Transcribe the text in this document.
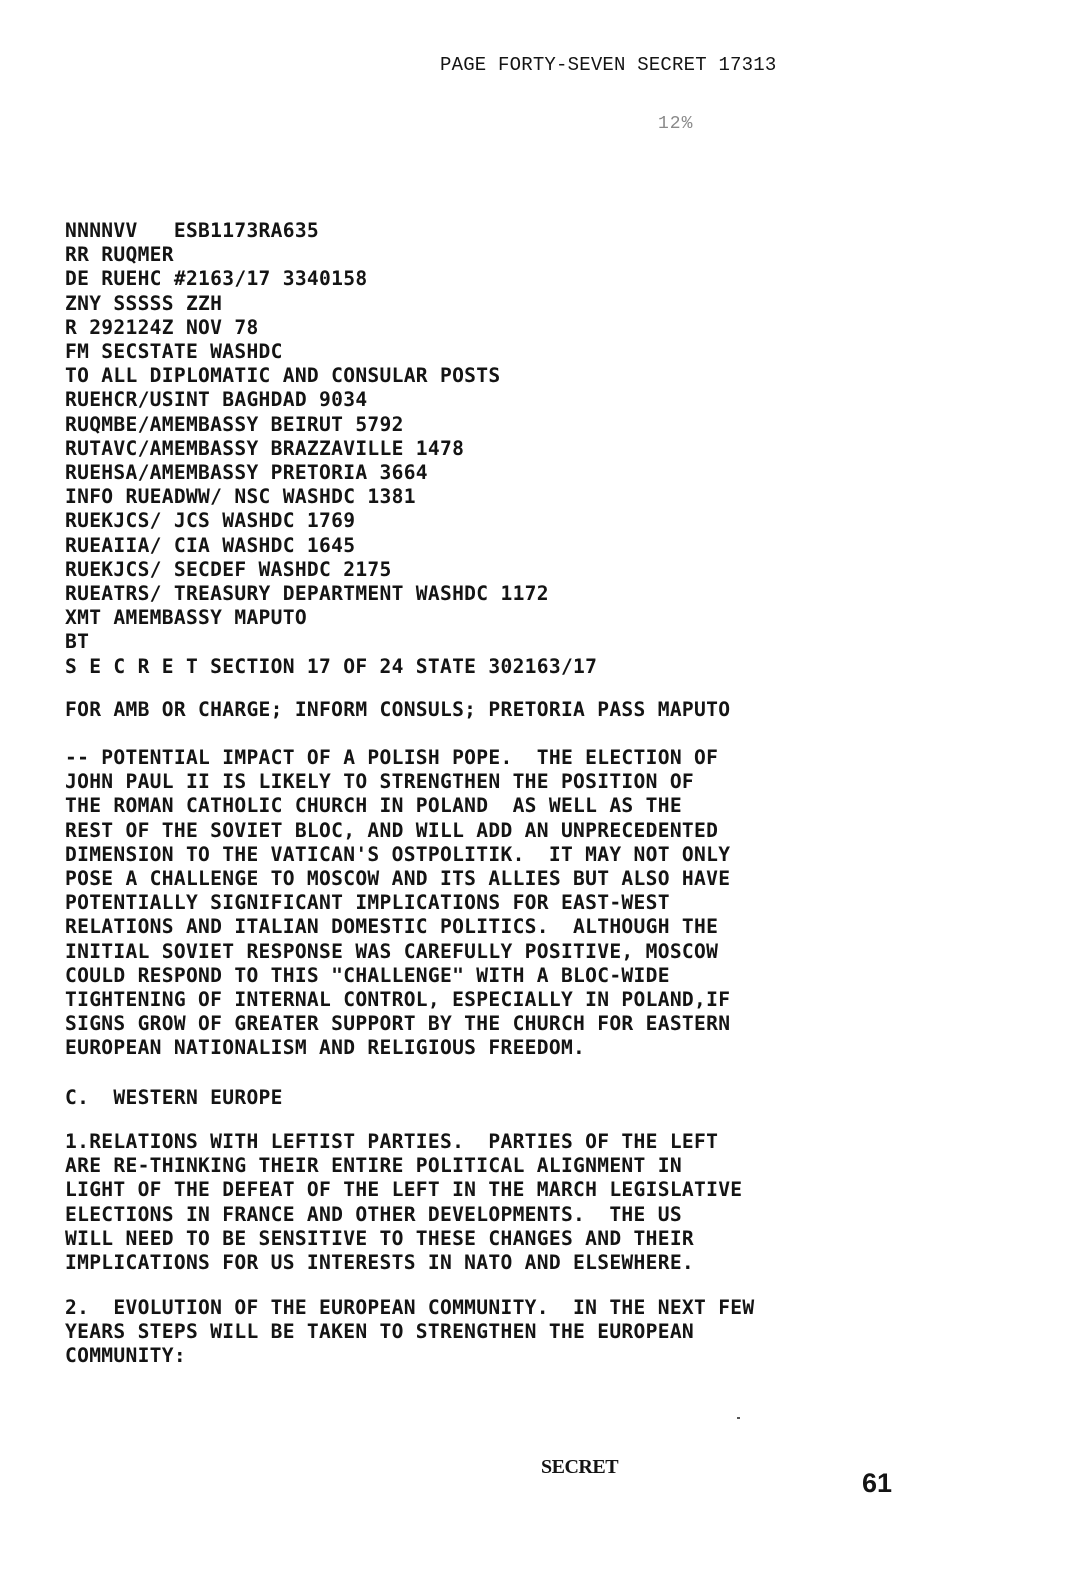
PAGE FORTY-SEVEN SECRET 17313
12%
NNNNVV   ESB1173RA635
RR RUQMER
DE RUEHC #2163/17 3340158
ZNY SSSSS ZZH
R 292124Z NOV 78
FM SECSTATE WASHDC
TO ALL DIPLOMATIC AND CONSULAR POSTS
RUEHCR/USINT BAGHDAD 9034
RUQMBE/AMEMBASSY BEIRUT 5792
RUTAVC/AMEMBASSY BRAZZAVILLE 1478
RUEHSA/AMEMBASSY PRETORIA 3664
INFO RUEADWW/ NSC WASHDC 1381
RUEKJCS/ JCS WASHDC 1769
RUEAIIA/ CIA WASHDC 1645
RUEKJCS/ SECDEF WASHDC 2175
RUEATRS/ TREASURY DEPARTMENT WASHDC 1172
XMT AMEMBASSY MAPUTO
BT
S E C R E T SECTION 17 OF 24 STATE 302163/17
FOR AMB OR CHARGE; INFORM CONSULS; PRETORIA PASS MAPUTO
-- POTENTIAL IMPACT OF A POLISH POPE.  THE ELECTION OF
JOHN PAUL II IS LIKELY TO STRENGTHEN THE POSITION OF
THE ROMAN CATHOLIC CHURCH IN POLAND  AS WELL AS THE
REST OF THE SOVIET BLOC, AND WILL ADD AN UNPRECEDENTED
DIMENSION TO THE VATICAN'S OSTPOLITIK.  IT MAY NOT ONLY
POSE A CHALLENGE TO MOSCOW AND ITS ALLIES BUT ALSO HAVE
POTENTIALLY SIGNIFICANT IMPLICATIONS FOR EAST-WEST
RELATIONS AND ITALIAN DOMESTIC POLITICS.  ALTHOUGH THE
INITIAL SOVIET RESPONSE WAS CAREFULLY POSITIVE, MOSCOW
COULD RESPOND TO THIS "CHALLENGE" WITH A BLOC-WIDE
TIGHTENING OF INTERNAL CONTROL, ESPECIALLY IN POLAND,IF
SIGNS GROW OF GREATER SUPPORT BY THE CHURCH FOR EASTERN
EUROPEAN NATIONALISM AND RELIGIOUS FREEDOM.
C.  WESTERN EUROPE
1.RELATIONS WITH LEFTIST PARTIES.  PARTIES OF THE LEFT
ARE RE-THINKING THEIR ENTIRE POLITICAL ALIGNMENT IN
LIGHT OF THE DEFEAT OF THE LEFT IN THE MARCH LEGISLATIVE
ELECTIONS IN FRANCE AND OTHER DEVELOPMENTS.  THE US
WILL NEED TO BE SENSITIVE TO THESE CHANGES AND THEIR
IMPLICATIONS FOR US INTERESTS IN NATO AND ELSEWHERE.
2.  EVOLUTION OF THE EUROPEAN COMMUNITY.  IN THE NEXT FEW
YEARS STEPS WILL BE TAKEN TO STRENGTHEN THE EUROPEAN
COMMUNITY:
SECRET
61
